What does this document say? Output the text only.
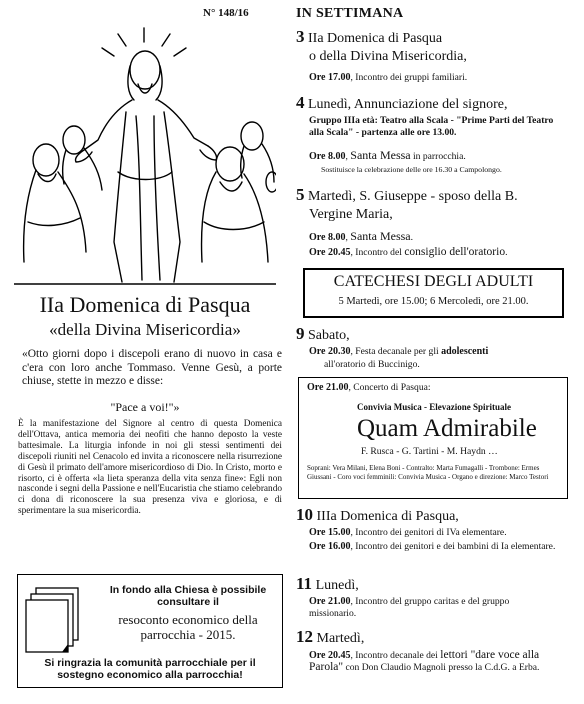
N° 148/16
IIa Domenica di Pasqua
«della Divina Misericordia»
«Otto giorni dopo i discepoli erano di nuovo in casa e c'era con loro anche Tommaso. Venne Gesù, a porte chiuse, stette in mezzo e disse:
"Pace a voi!"»
È la manifestazione del Signore al centro di questa Domenica dell'Ottava, antica memoria dei neofiti che hanno deposto la veste battesimale. La liturgia infonde in noi gli stessi sentimenti dei discepoli riuniti nel Cenacolo ed invita a riconoscere nella risurrezione di Gesù il primato dell'amore misericordioso di Dio. In Cristo, morto e risorto, ci è offerta «la lieta speranza della vita senza fine»: Egli non nasconde i segni della Passione e nell'Eucaristia che stiamo celebrando ci dona di riconoscere la sua presenza viva e gloriosa, e di sperimentare la sua misericordia.
In fondo alla Chiesa è possibile consultare il
resoconto economico della parrocchia - 2015.
Si ringrazia la comunità parrocchiale per il sostegno economico alla parrocchia!
IN SETTIMANA
3 IIa Domenica di Pasqua
o della Divina Misericordia,
Ore 17.00, Incontro dei gruppi familiari.
4 Lunedì, Annunciazione del signore,
Gruppo IIIa età: Teatro alla Scala - "Prime Parti del Teatro alla Scala" - partenza alle ore 13.00.
Ore 8.00, Santa Messa in parrocchia.
Sostituisce la celebrazione delle ore 16.30 a Campolongo.
5 Martedì, S. Giuseppe - sposo della B.
Vergine Maria,
Ore 8.00, Santa Messa.
Ore 20.45, Incontro del consiglio dell'oratorio.
CATECHESI DEGLI ADULTI
5 Martedì, ore 15.00; 6 Mercoledì, ore 21.00.
9 Sabato,
Ore 20.30, Festa decanale per gli adolescenti
all'oratorio di Buccinigo.
Ore 21.00, Concerto di Pasqua:
Convivia Musica - Elevazione Spirituale
Quam Admirabile
F. Rusca - G. Tartini - M. Haydn …
Soprani: Vera Milani, Elena Boni - Contralto: Marta Fumagalli - Trombone: Ermes Giussani - Coro voci femminili: Convivia Musica - Organo e direzione: Marco Testori
10 IIIa Domenica di Pasqua,
Ore 15.00, Incontro dei genitori di IVa elementare.
Ore 16.00, Incontro dei genitori e dei bambini di Ia elementare.
11 Lunedì,
Ore 21.00, Incontro del gruppo caritas e del gruppo missionario.
12 Martedì,
Ore 20.45, Incontro decanale dei lettori "dare voce alla Parola" con Don Claudio Magnoli presso la C.d.G. a Erba.
